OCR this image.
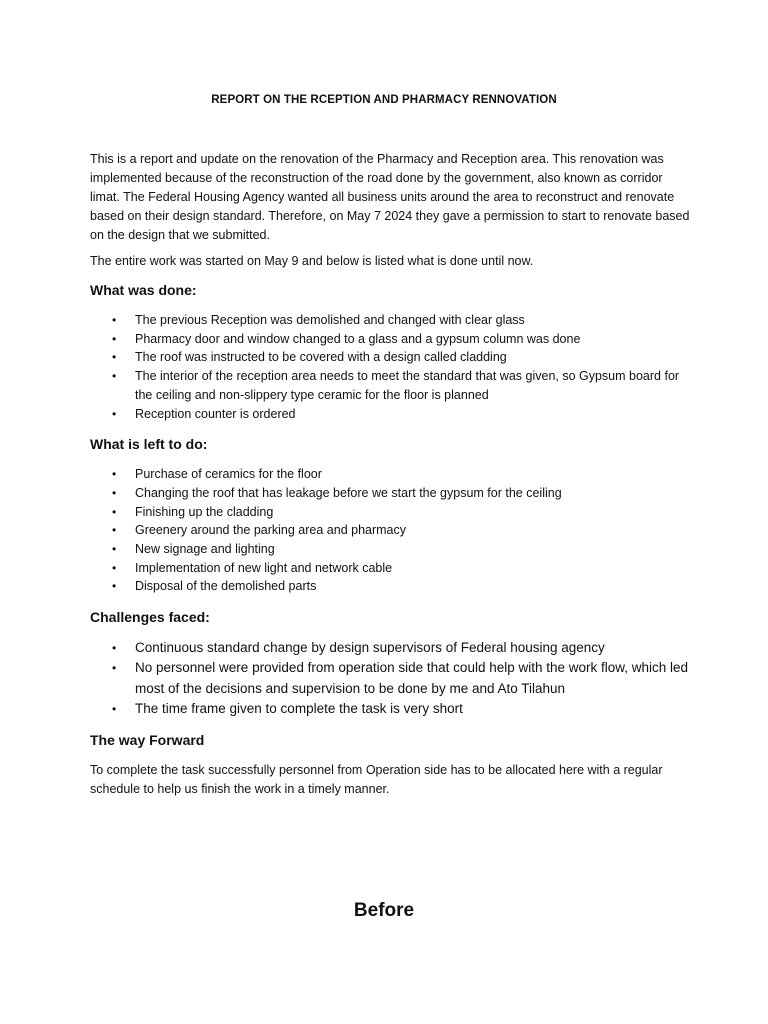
REPORT ON THE RCEPTION AND PHARMACY RENNOVATION

This is a report and update on the renovation of the Pharmacy and Reception area. This renovation was implemented because of the reconstruction of the road done by the government, also known as corridor limat. The Federal Housing Agency wanted all business units around the area to reconstruct and renovate based on their design standard. Therefore, on May 7 2024 they gave a permission to start to renovate based on the design that we submitted.

The entire work was started on May 9 and below is listed what is done until now.

What was done:
• The previous Reception was demolished and changed with clear glass
• Pharmacy door and window changed to a glass and a gypsum column was done
• The roof was instructed to be covered with a design called cladding
• The interior of the reception area needs to meet the standard that was given, so Gypsum board for the ceiling and non-slippery type ceramic for the floor is planned
• Reception counter is ordered
What is left to do:
• Purchase of ceramics for the floor
• Changing the roof that has leakage before we start the gypsum for the ceiling
• Finishing up the cladding
• Greenery around the parking area and pharmacy
• New signage and lighting
• Implementation of new light and network cable
• Disposal of the demolished parts
Challenges faced:
• Continuous standard change by design supervisors of Federal housing agency
• No personnel were provided from operation side that could help with the work flow, which led most of the decisions and supervision to be done by me and Ato Tilahun
• The time frame given to complete the task is very short
The way Forward

To complete the task successfully personnel from Operation side has to be allocated here with a regular schedule to help us finish the work in a timely manner.

Before
